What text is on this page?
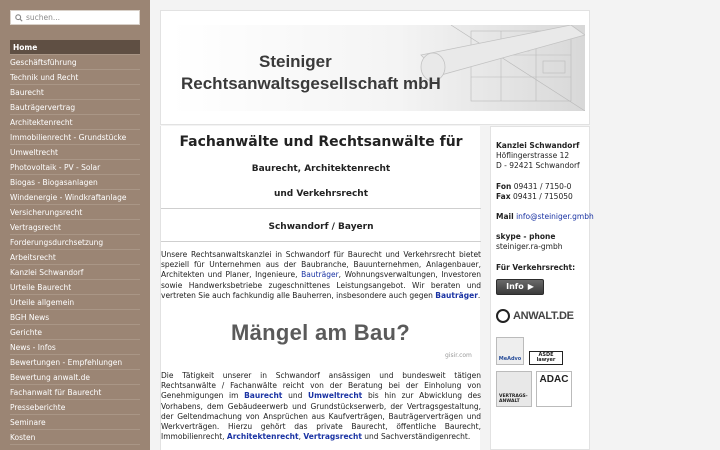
suchen...
Home
Geschäftsführung
Technik und Recht
Baurecht
Bauträgervertrag
Architektenrecht
Immobilienrecht - Grundstücke
Umweltrecht
Photovoltaik - PV - Solar
Biogas - Biogasanlagen
Windenergie - Windkraftanlage
Versicherungsrecht
Vertragsrecht
Forderungsdurchsetzung
Arbeitsrecht
Kanzlei Schwandorf
Urteile Baurecht
Urteile allgemein
BGH News
Gerichte
News - Infos
Bewertungen - Empfehlungen
Bewertung anwalt.de
Fachanwalt für Baurecht
Presseberichte
Seminare
Kosten
Steiniger
Rechtsanwaltsgesellschaft mbH
Fachanwälte und Rechtsanwälte für
Baurecht, Architektenrecht
und Verkehrsrecht
Schwandorf / Bayern

Unsere Rechtsanwaltskanzlei in Schwandorf für Baurecht und Verkehrsrecht bietet speziell für Unternehmen aus der Baubranche, Bauunternehmen, Anlagenbauer, Architekten und Planer, Ingenieure, Bauträger, Wohnungsverwaltungen, Investoren sowie Handwerksbetriebe zugeschnittenes Leistungsangebot. Wir beraten und vertreten Sie auch fachkundig alle Bauherren, insbesondere auch gegen Bauträger.

Mängel am Bau?
gisir.com

Die Tätigkeit unserer in Schwandorf ansässigen und bundesweit tätigen Rechtsanwälte / Fachanwälte reicht von der Beratung bei der Einholung von Genehmigungen im Baurecht und Umweltrecht bis hin zur Abwicklung des Vorhabens, dem Gebäudeerwerb und Grundstückserwerb, der Vertragsgestaltung, der Geltendmachung von Ansprüchen aus Kaufverträgen, Bauträgerverträgen und Werkverträgen. Hierzu gehört das private Baurecht, öffentliche Baurecht, Immobilienrecht, Architektenrecht, Vertragsrecht und Sachverständigenrecht.

Kanzlei Schwandorf
Höflingerstrasse 12
D - 92421 Schwandorf
Fon 09431 / 7150-0
Fax 09431 / 715050
Mail info@steiniger.gmbh
skype - phone
steiniger.ra-gmbh
Für Verkehrsrecht:
Info ▶
ANWALT.DE
MeAdvo
ASDE lawyer
VERTRAGS-ANWALT
ADAC
